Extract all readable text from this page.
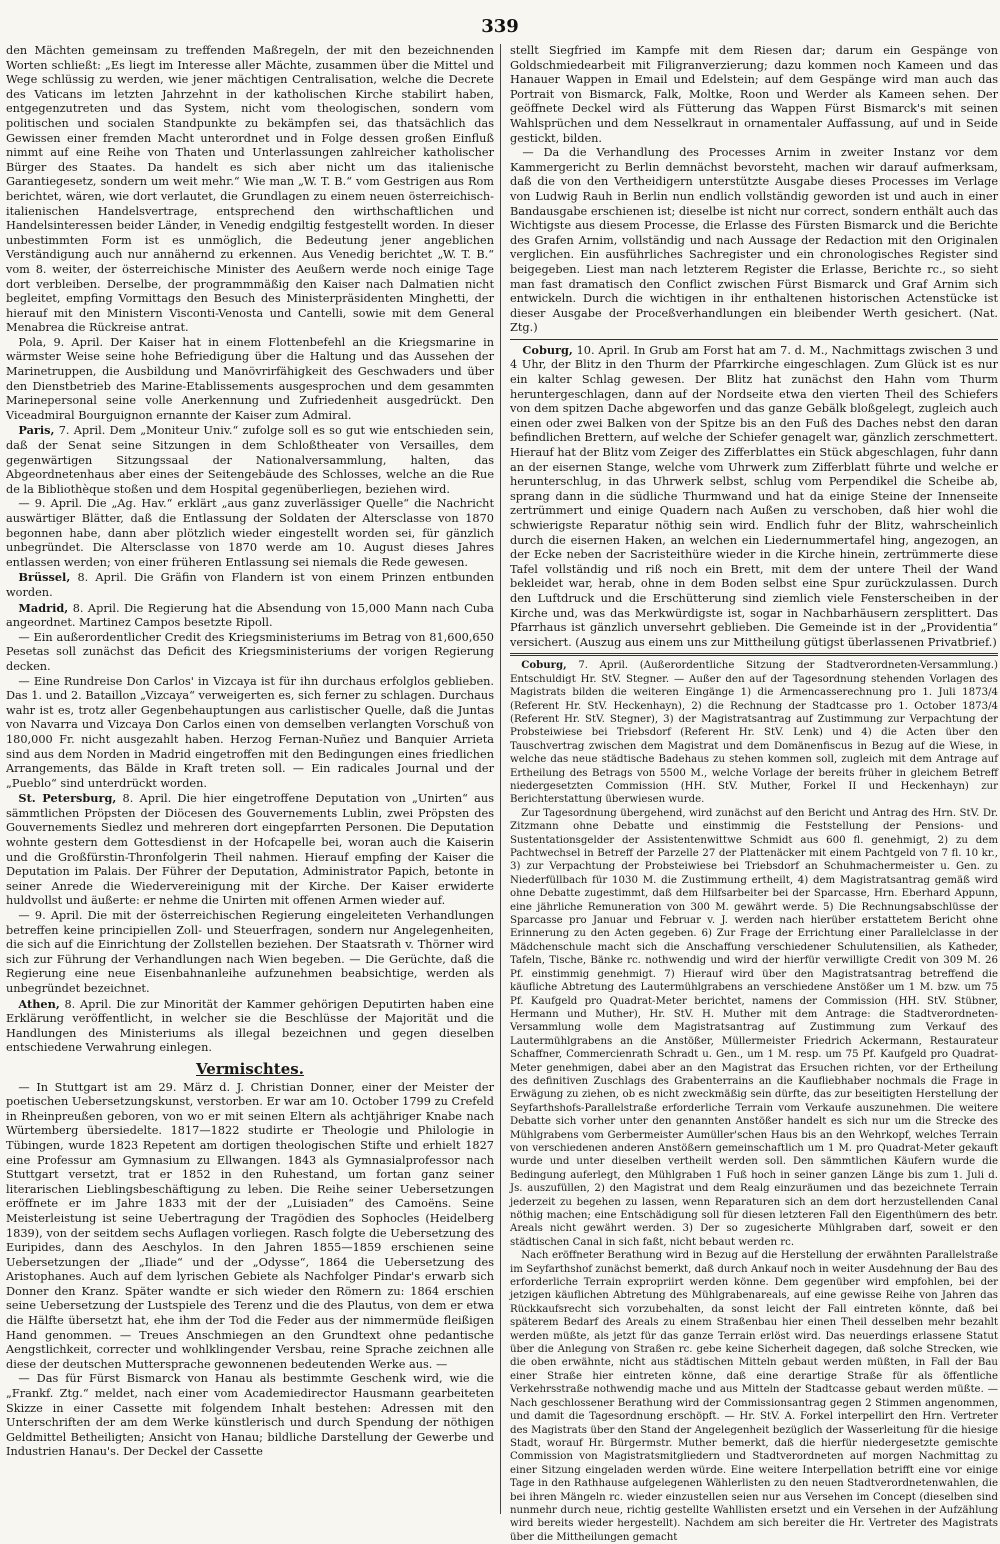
339

den Mächten gemeinsam zu treffenden Maßregeln, der mit den bezeichnenden Worten schließt: „Es liegt im Interesse aller Mächte, zusammen über die Mittel und Wege schlüssig zu werden, wie jener mächtigen Centralisation, welche die Decrete des Vaticans im letzten Jahrzehnt in der katholischen Kirche stabilirt haben, entgegenzutreten und das System, nicht vom theologischen, sondern vom politischen und socialen Standpunkte zu bekämpfen sei, das thatsächlich das Gewissen einer fremden Macht unterordnet und in Folge dessen großen Einfluß nimmt auf eine Reihe von Thaten und Unterlassungen zahlreicher katholischer Bürger des Staates. Da handelt es sich aber nicht um das italienische Garantiegesetz, sondern um weit mehr.“ Wie man „W. T. B.“ vom Gestrigen aus Rom berichtet, wären, wie dort verlautet, die Grundlagen zu einem neuen österreichisch-italienischen Handelsvertrage, entsprechend den wirthschaftlichen und Handelsinteressen beider Länder, in Venedig endgiltig festgestellt worden. In dieser unbestimmten Form ist es unmöglich, die Bedeutung jener angeblichen Verständigung auch nur annähernd zu erkennen. Aus Venedig berichtet „W. T. B.“ vom 8. weiter, der österreichische Minister des Aeußern werde noch einige Tage dort verbleiben. Derselbe, der programmmäßig den Kaiser nach Dalmatien nicht begleitet, empfing Vormittags den Besuch des Ministerpräsidenten Minghetti, der hierauf mit den Ministern Visconti-Venosta und Cantelli, sowie mit dem General Menabrea die Rückreise antrat.

Pola, 9. April. Der Kaiser hat in einem Flottenbefehl an die Kriegsmarine in wärmster Weise seine hohe Befriedigung über die Haltung und das Aussehen der Marinetruppen, die Ausbildung und Manövrirfähigkeit des Geschwaders und über den Dienstbetrieb des Marine-Etablissements ausgesprochen und dem gesammten Marinepersonal seine volle Anerkennung und Zufriedenheit ausgedrückt. Den Viceadmiral Bourguignon ernannte der Kaiser zum Admiral.

Paris, 7. April. Dem „Moniteur Univ.“ zufolge soll es so gut wie entschieden sein, daß der Senat seine Sitzungen in dem Schloßtheater von Versailles, dem gegenwärtigen Sitzungssaal der Nationalversammlung, halten, das Abgeordnetenhaus aber eines der Seitengebäude des Schlosses, welche an die Rue de la Bibliothèque stoßen und dem Hospital gegenüberliegen, beziehen wird.

— 9. April. Die „Ag. Hav.“ erklärt „aus ganz zuverlässiger Quelle“ die Nachricht auswärtiger Blätter, daß die Entlassung der Soldaten der Altersclasse von 1870 begonnen habe, dann aber plötzlich wieder eingestellt worden sei, für gänzlich unbegründet. Die Altersclasse von 1870 werde am 10. August dieses Jahres entlassen werden; von einer früheren Entlassung sei niemals die Rede gewesen.

Brüssel, 8. April. Die Gräfin von Flandern ist von einem Prinzen entbunden worden.

Madrid, 8. April. Die Regierung hat die Absendung von 15,000 Mann nach Cuba angeordnet. Martinez Campos besetzte Ripoll.

— Ein außerordentlicher Credit des Kriegsministeriums im Betrag von 81,600,650 Pesetas soll zunächst das Deficit des Kriegsministeriums der vorigen Regierung decken.

— Eine Rundreise Don Carlos' in Vizcaya ist für ihn durchaus erfolglos geblieben. Das 1. und 2. Bataillon „Vizcaya“ verweigerten es, sich ferner zu schlagen. Durchaus wahr ist es, trotz aller Gegenbehauptungen aus carlistischer Quelle, daß die Juntas von Navarra und Vizcaya Don Carlos einen von demselben verlangten Vorschuß von 180,000 Fr. nicht ausgezahlt haben. Herzog Fernan-Nuñez und Banquier Arrieta sind aus dem Norden in Madrid eingetroffen mit den Bedingungen eines friedlichen Arrangements, das Bälde in Kraft treten soll. — Ein radicales Journal und der „Pueblo“ sind unterdrückt worden.

St. Petersburg, 8. April. Die hier eingetroffene Deputation von „Unirten“ aus sämmtlichen Pröpsten der Diöcesen des Gouvernements Lublin, zwei Pröpsten des Gouvernements Siedlez und mehreren dort eingepfarrten Personen. Die Deputation wohnte gestern dem Gottesdienst in der Hofcapelle bei, woran auch die Kaiserin und die Großfürstin-Thronfolgerin Theil nahmen. Hierauf empfing der Kaiser die Deputation im Palais. Der Führer der Deputation, Administrator Papich, betonte in seiner Anrede die Wiedervereinigung mit der Kirche. Der Kaiser erwiderte huldvollst und äußerte: er nehme die Unirten mit offenen Armen wieder auf.

— 9. April. Die mit der österreichischen Regierung eingeleiteten Verhandlungen betreffen keine principiellen Zoll- und Steuerfragen, sondern nur Angelegenheiten, die sich auf die Einrichtung der Zollstellen beziehen. Der Staatsrath v. Thörner wird sich zur Führung der Verhandlungen nach Wien begeben. — Die Gerüchte, daß die Regierung eine neue Eisenbahnanleihe aufzunehmen beabsichtige, werden als unbegründet bezeichnet.

Athen, 8. April. Die zur Minorität der Kammer gehörigen Deputirten haben eine Erklärung veröffentlicht, in welcher sie die Beschlüsse der Majorität und die Handlungen des Ministeriums als illegal bezeichnen und gegen dieselben entschiedene Verwahrung einlegen.

Vermischtes.

— In Stuttgart ist am 29. März d. J. Christian Donner, einer der Meister der poetischen Uebersetzungskunst, verstorben. Er war am 10. October 1799 zu Crefeld in Rheinpreußen geboren, von wo er mit seinen Eltern als achtjähriger Knabe nach Würtemberg übersiedelte. 1817—1822 studirte er Theologie und Philologie in Tübingen, wurde 1823 Repetent am dortigen theologischen Stifte und erhielt 1827 eine Professur am Gymnasium zu Ellwangen. 1843 als Gymnasialprofessor nach Stuttgart versetzt, trat er 1852 in den Ruhestand, um fortan ganz seiner literarischen Lieblingsbeschäftigung zu leben. Die Reihe seiner Uebersetzungen eröffnete er im Jahre 1833 mit der der „Luisiaden“ des Camoëns. Seine Meisterleistung ist seine Uebertragung der Tragödien des Sophocles (Heidelberg 1839), von der seitdem sechs Auflagen vorliegen. Rasch folgte die Uebersetzung des Euripides, dann des Aeschylos. In den Jahren 1855—1859 erschienen seine Uebersetzungen der „Iliade“ und der „Odysse“, 1864 die Uebersetzung des Aristophanes. Auch auf dem lyrischen Gebiete als Nachfolger Pindar's erwarb sich Donner den Kranz. Später wandte er sich wieder den Römern zu: 1864 erschien seine Uebersetzung der Lustspiele des Terenz und die des Plautus, von dem er etwa die Hälfte übersetzt hat, ehe ihm der Tod die Feder aus der nimmermüde fleißigen Hand genommen. — Treues Anschmiegen an den Grundtext ohne pedantische Aengstlichkeit, correcter und wohlklingender Versbau, reine Sprache zeichnen alle diese der deutschen Muttersprache gewonnenen bedeutenden Werke aus. —

— Das für Fürst Bismarck von Hanau als bestimmte Geschenk wird, wie die „Frankf. Ztg.“ meldet, nach einer vom Academiedirector Hausmann gearbeiteten Skizze in einer Cassette mit folgendem Inhalt bestehen: Adressen mit den Unterschriften der am dem Werke künstlerisch und durch Spendung der nöthigen Geldmittel Betheiligten; Ansicht von Hanau; bildliche Darstellung der Gewerbe und Industrien Hanau's. Der Deckel der Cassette

stellt Siegfried im Kampfe mit dem Riesen dar; darum ein Gespänge von Goldschmiedearbeit mit Filigranverzierung; dazu kommen noch Kameen und das Hanauer Wappen in Email und Edelstein; auf dem Gespänge wird man auch das Portrait von Bismarck, Falk, Moltke, Roon und Werder als Kameen sehen. Der geöffnete Deckel wird als Fütterung das Wappen Fürst Bismarck's mit seinen Wahlsprüchen und dem Nesselkraut in ornamentaler Auffassung, auf und in Seide gestickt, bilden.

— Da die Verhandlung des Processes Arnim in zweiter Instanz vor dem Kammergericht zu Berlin demnächst bevorsteht, machen wir darauf aufmerksam, daß die von den Vertheidigern unterstützte Ausgabe dieses Processes im Verlage von Ludwig Rauh in Berlin nun endlich vollständig geworden ist und auch in einer Bandausgabe erschienen ist; dieselbe ist nicht nur correct, sondern enthält auch das Wichtigste aus diesem Processe, die Erlasse des Fürsten Bismarck und die Berichte des Grafen Arnim, vollständig und nach Aussage der Redaction mit den Originalen verglichen. Ein ausführliches Sachregister und ein chronologisches Register sind beigegeben. Liest man nach letzterem Register die Erlasse, Berichte rc., so sieht man fast dramatisch den Conflict zwischen Fürst Bismarck und Graf Arnim sich entwickeln. Durch die wichtigen in ihr enthaltenen historischen Actenstücke ist dieser Ausgabe der Proceßverhandlungen ein bleibender Werth gesichert. (Nat. Ztg.)

Coburg, 10. April. In Grub am Forst hat am 7. d. M., Nachmittags zwischen 3 und 4 Uhr, der Blitz in den Thurm der Pfarrkirche eingeschlagen. Zum Glück ist es nur ein kalter Schlag gewesen. Der Blitz hat zunächst den Hahn vom Thurm heruntergeschlagen, dann auf der Nordseite etwa den vierten Theil des Schiefers von dem spitzen Dache abgeworfen und das ganze Gebälk bloßgelegt, zugleich auch einen oder zwei Balken von der Spitze bis an den Fuß des Daches nebst den daran befindlichen Brettern, auf welche der Schiefer genagelt war, gänzlich zerschmettert. Hierauf hat der Blitz vom Zeiger des Zifferblattes ein Stück abgeschlagen, fuhr dann an der eisernen Stange, welche vom Uhrwerk zum Zifferblatt führte und welche er herunterschlug, in das Uhrwerk selbst, schlug vom Perpendikel die Scheibe ab, sprang dann in die südliche Thurmwand und hat da einige Steine der Innenseite zertrümmert und einige Quadern nach Außen zu verschoben, daß hier wohl die schwierigste Reparatur nöthig sein wird. Endlich fuhr der Blitz, wahrscheinlich durch die eisernen Haken, an welchen ein Liedernummertafel hing, angezogen, an der Ecke neben der Sacristeithüre wieder in die Kirche hinein, zertrümmerte diese Tafel vollständig und riß noch ein Brett, mit dem der untere Theil der Wand bekleidet war, herab, ohne in dem Boden selbst eine Spur zurückzulassen. Durch den Luftdruck und die Erschütterung sind ziemlich viele Fensterscheiben in der Kirche und, was das Merkwürdigste ist, sogar in Nachbarhäusern zersplittert. Das Pfarrhaus ist gänzlich unversehrt geblieben. Die Gemeinde ist in der „Providentia“ versichert. (Auszug aus einem uns zur Mittheilung gütigst überlassenen Privatbrief.)

Coburg, 7. April. (Außerordentliche Sitzung der Stadtverordneten-Versammlung.) Entschuldigt Hr. StV. Stegner. — Außer den auf der Tagesordnung stehenden Vorlagen des Magistrats bilden die weiteren Eingänge 1) die Armencasserechnung pro 1. Juli 1873/4 (Referent Hr. StV. Heckenhayn), 2) die Rechnung der Stadtcasse pro 1. October 1873/4 (Referent Hr. StV. Stegner), 3) der Magistratsantrag auf Zustimmung zur Verpachtung der Probsteiwiese bei Triebsdorf (Referent Hr. StV. Lenk) und 4) die Acten über den Tauschvertrag zwischen dem Magistrat und dem Domänenfiscus in Bezug auf die Wiese, in welche das neue städtische Badehaus zu stehen kommen soll, zugleich mit dem Antrage auf Ertheilung des Betrags von 5500 M., welche Vorlage der bereits früher in gleichem Betreff niedergesetzten Commission (HH. StV. Muther, Forkel II und Heckenhayn) zur Berichterstattung überwiesen wurde.

Zur Tagesordnung übergehend, wird zunächst auf den Bericht und Antrag des Hrn. StV. Dr. Zitzmann ohne Debatte und einstimmig die Feststellung der Pensions- und Sustentationsgelder der Assistentenwittwe Schmidt aus 600 fl. genehmigt, 2) zu dem Pachtwechsel in Betreff der Parzelle 27 der Plattenäcker mit einem Pachtgeld von 7 fl. 10 kr., 3) zur Verpachtung der Probsteiwiese bei Triebsdorf an Schuhmachermeister u. Gen. zu Niederfüllbach für 1030 M. die Zustimmung ertheilt, 4) dem Magistratsantrag gemäß wird ohne Debatte zugestimmt, daß dem Hilfsarbeiter bei der Sparcasse, Hrn. Eberhard Appunn, eine jährliche Remuneration von 300 M. gewährt werde. 5) Die Rechnungsabschlüsse der Sparcasse pro Januar und Februar v. J. werden nach hierüber erstattetem Bericht ohne Erinnerung zu den Acten gegeben. 6) Zur Frage der Errichtung einer Parallelclasse in der Mädchenschule macht sich die Anschaffung verschiedener Schulutensilien, als Katheder, Tafeln, Tische, Bänke rc. nothwendig und wird der hierfür verwilligte Credit von 309 M. 26 Pf. einstimmig genehmigt. 7) Hierauf wird über den Magistratsantrag betreffend die käufliche Abtretung des Lautermühlgrabens an verschiedene Anstößer um 1 M. bzw. um 75 Pf. Kaufgeld pro Quadrat-Meter berichtet, namens der Commission (HH. StV. Stübner, Hermann und Muther), Hr. StV. H. Muther mit dem Antrage: die Stadtverordneten-Versammlung wolle dem Magistratsantrag auf Zustimmung zum Verkauf des Lautermühlgrabens an die Anstößer, Müllermeister Friedrich Ackermann, Restaurateur Schaffner, Commercienrath Schradt u. Gen., um 1 M. resp. um 75 Pf. Kaufgeld pro Quadrat-Meter genehmigen, dabei aber an den Magistrat das Ersuchen richten, vor der Ertheilung des definitiven Zuschlags des Grabenterrains an die Kaufliebhaber nochmals die Frage in Erwägung zu ziehen, ob es nicht zweckmäßig sein dürfte, das zur beseitigten Herstellung der Seyfarthshofs-Parallelstraße erforderliche Terrain vom Verkaufe auszunehmen. Die weitere Debatte sich vorher unter den genannten Anstößer handelt es sich nur um die Strecke des Mühlgrabens vom Gerbermeister Aumüller'schen Haus bis an den Wehrkopf, welches Terrain von verschiedenen anderen Anstößern gemeinschaftlich um 1 M. pro Quadrat-Meter gekauft wurde und unter dieselben vertheilt werden soll. Den sämmtlichen Käufern wurde die Bedingung auferlegt, den Mühlgraben 1 Fuß hoch in seiner ganzen Länge bis zum 1. Juli d. Js. auszufüllen, 2) den Magistrat und dem Realg einzuräumen und das bezeichnete Terrain jederzeit zu begehen zu lassen, wenn Reparaturen sich an dem dort herzustellenden Canal nöthig machen; eine Entschädigung soll für diesen letzteren Fall den Eigenthümern des betr. Areals nicht gewährt werden. 3) Der so zugesicherte Mühlgraben darf, soweit er den städtischen Canal in sich faßt, nicht bebaut werden rc.

Nach eröffneter Berathung wird in Bezug auf die Herstellung der erwähnten Parallelstraße im Seyfarthshof zunächst bemerkt, daß durch Ankauf noch in weiter Ausdehnung der Bau des erforderliche Terrain expropriirt werden könne. Dem gegenüber wird empfohlen, bei der jetzigen käuflichen Abtretung des Mühlgrabenareals, auf eine gewisse Reihe von Jahren das Rückkaufsrecht sich vorzubehalten, da sonst leicht der Fall eintreten könnte, daß bei späterem Bedarf des Areals zu einem Straßenbau hier einen Theil desselben mehr bezahlt werden müßte, als jetzt für das ganze Terrain erlöst wird. Das neuerdings erlassene Statut über die Anlegung von Straßen rc. gebe keine Sicherheit dagegen, daß solche Strecken, wie die oben erwähnte, nicht aus städtischen Mitteln gebaut werden müßten, in Fall der Bau einer Straße hier eintreten könne, daß eine derartige Straße für als öffentliche Verkehrsstraße nothwendig mache und aus Mitteln der Stadtcasse gebaut werden müßte. — Nach geschlossener Berathung wird der Commissionsantrag gegen 2 Stimmen angenommen, und damit die Tagesordnung erschöpft. — Hr. StV. A. Forkel interpellirt den Hrn. Vertreter des Magistrats über den Stand der Angelegenheit bezüglich der Wasserleitung für die hiesige Stadt, worauf Hr. Bürgermstr. Muther bemerkt, daß die hierfür niedergesetzte gemischte Commission von Magistratsmitgliedern und Stadtverordneten auf morgen Nachmittag zu einer Sitzung eingeladen werden würde. Eine weitere Interpellation betrifft eine vor einige Tage in den Rathhause aufgelegenen Wählerlisten zu den neuen Stadtverordnetenwahlen, die bei ihren Mängeln rc. wieder einzustellen seien nur aus Versehen im Concept (dieselben sind nunmehr durch neue, richtig gestellte Wahllisten ersetzt und ein Versehen in der Aufzählung wird bereits wieder hergestellt). Nachdem am sich bereiter die Hr. Vertreter des Magistrats über die Mittheilungen gemacht
